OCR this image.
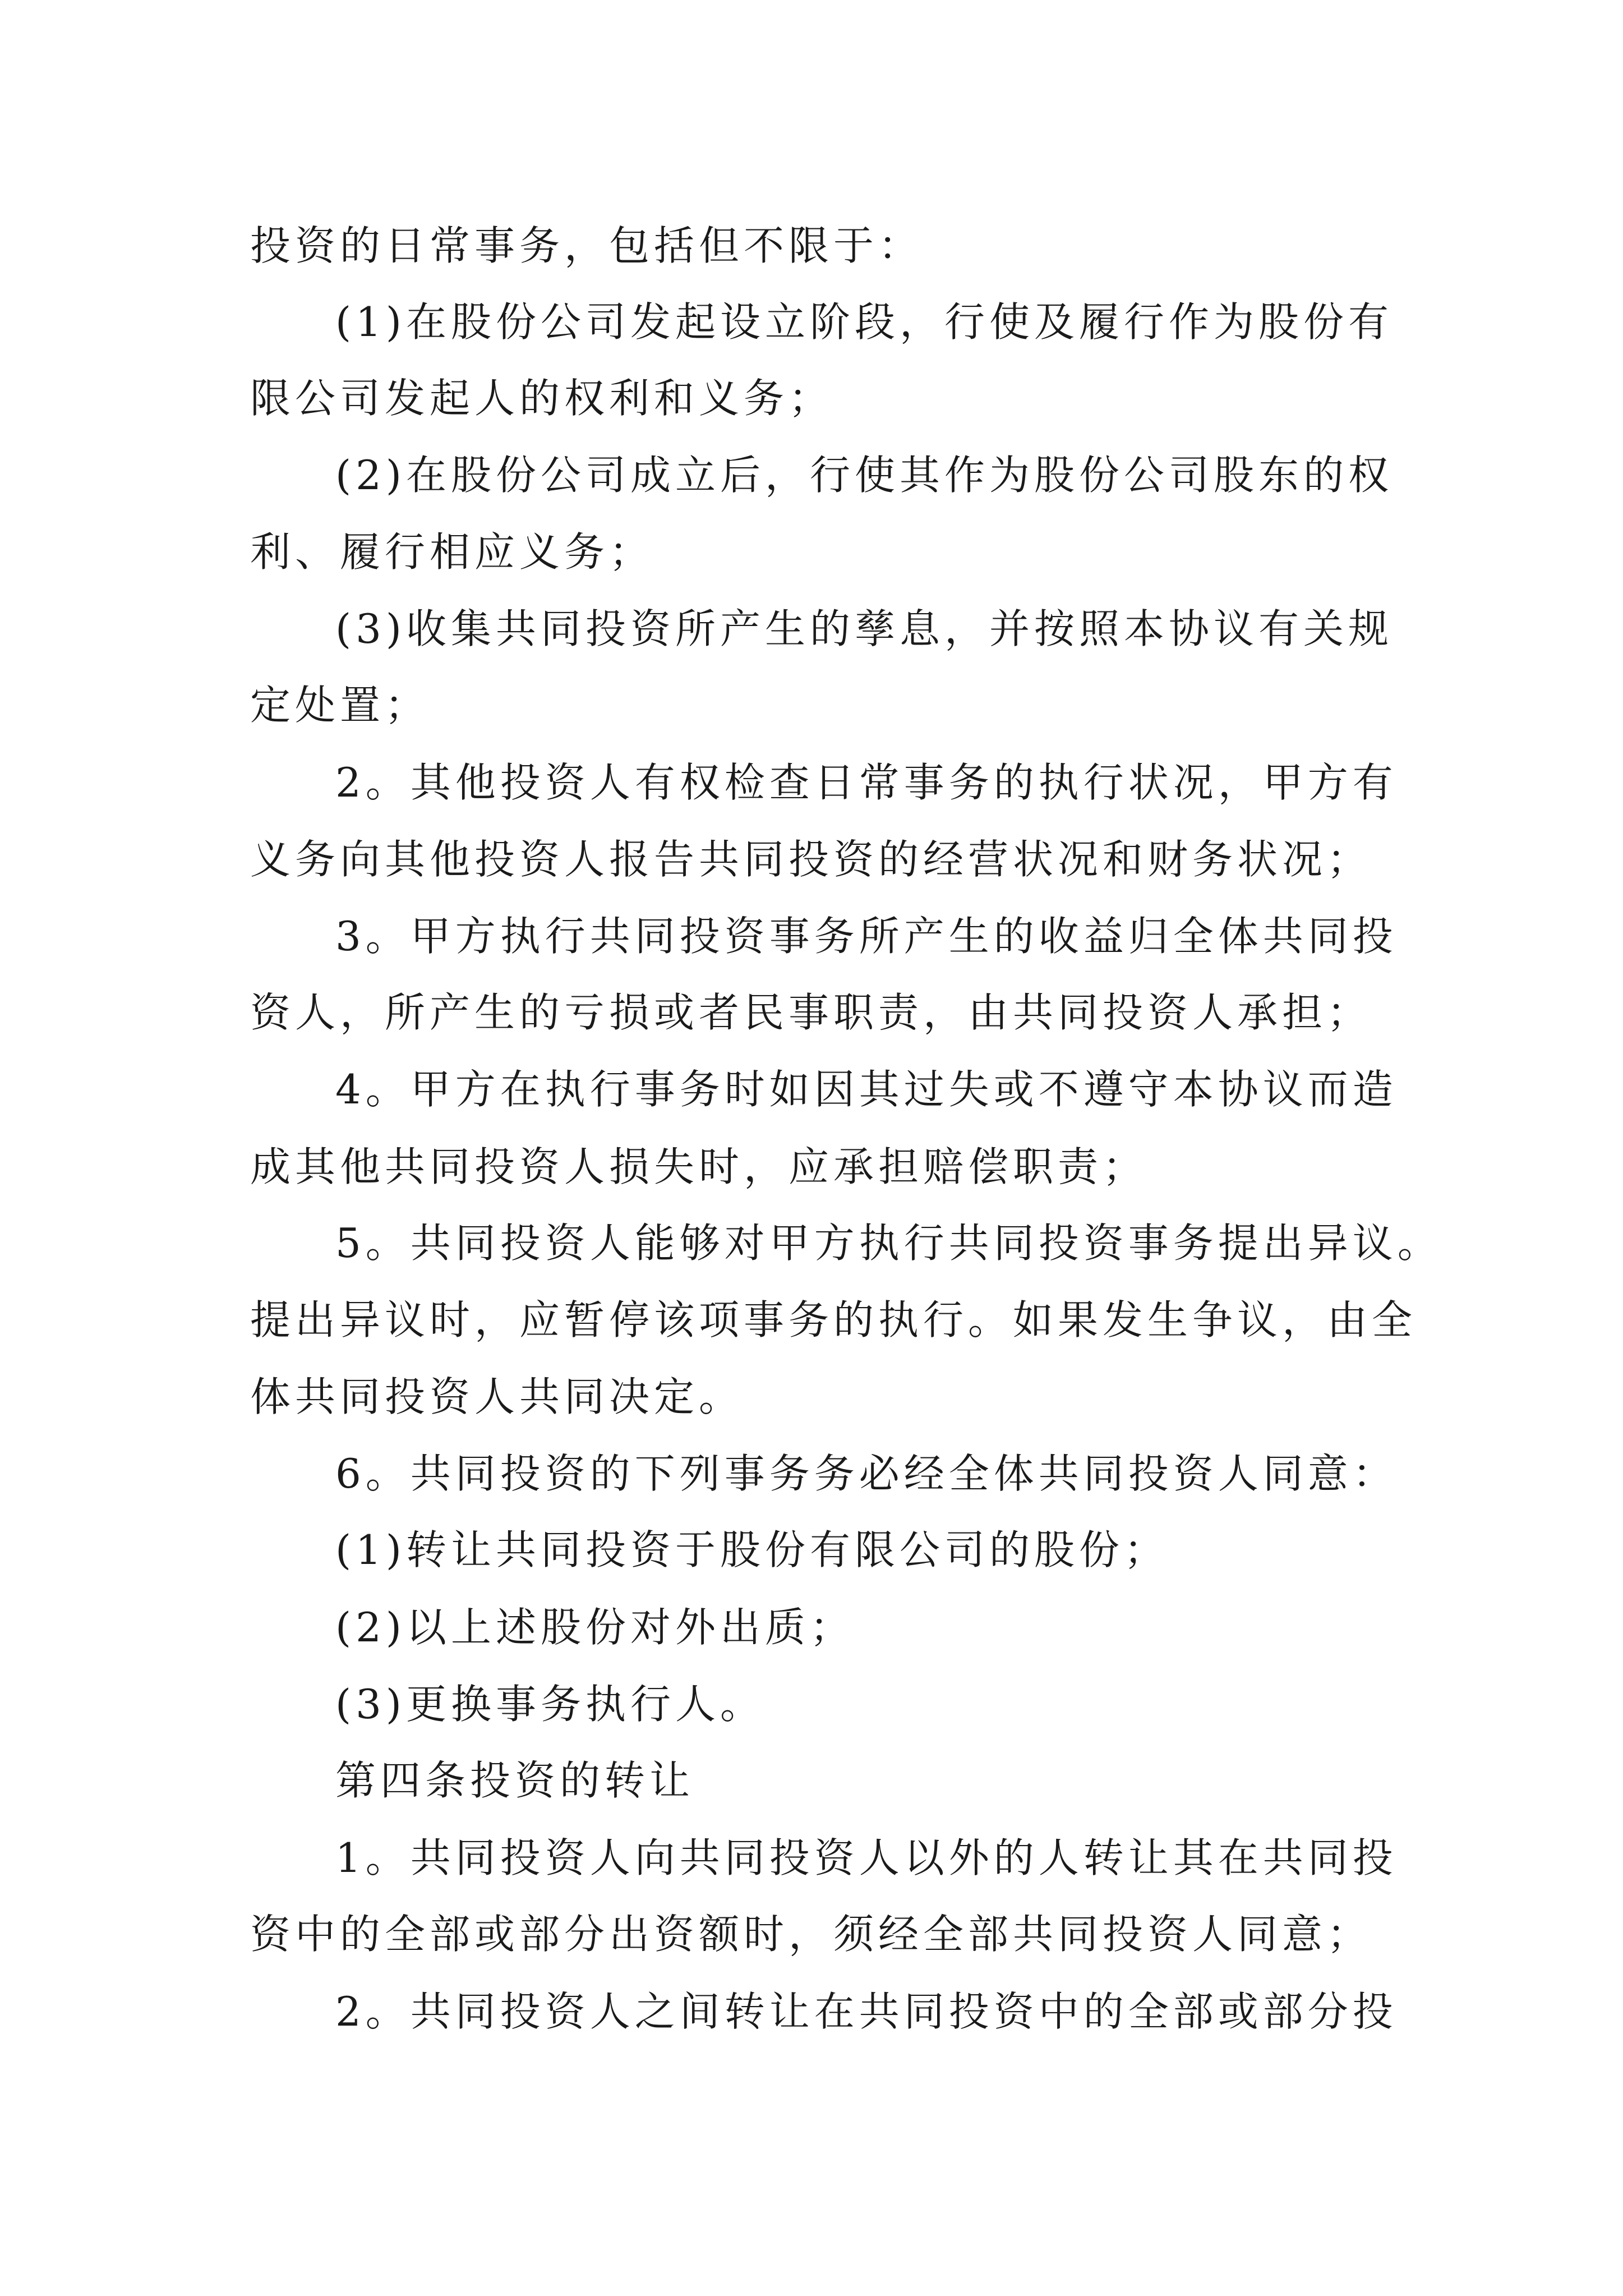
投资的日常事务，包括但不限于：

(1)在股份公司发起设立阶段，行使及履行作为股份有

限公司发起人的权利和义务；

(2)在股份公司成立后，行使其作为股份公司股东的权

利、履行相应义务；

(3)收集共同投资所产生的孳息，并按照本协议有关规

定处置；

2。其他投资人有权检查日常事务的执行状况，甲方有

义务向其他投资人报告共同投资的经营状况和财务状况；

3。甲方执行共同投资事务所产生的收益归全体共同投

资人，所产生的亏损或者民事职责，由共同投资人承担；

4。甲方在执行事务时如因其过失或不遵守本协议而造

成其他共同投资人损失时，应承担赔偿职责；

5。共同投资人能够对甲方执行共同投资事务提出异议。

提出异议时，应暂停该项事务的执行。如果发生争议，由全

体共同投资人共同决定。

6。共同投资的下列事务务必经全体共同投资人同意：

(1)转让共同投资于股份有限公司的股份；

(2)以上述股份对外出质；

(3)更换事务执行人。

第四条投资的转让

1。共同投资人向共同投资人以外的人转让其在共同投

资中的全部或部分出资额时，须经全部共同投资人同意；

2。共同投资人之间转让在共同投资中的全部或部分投
